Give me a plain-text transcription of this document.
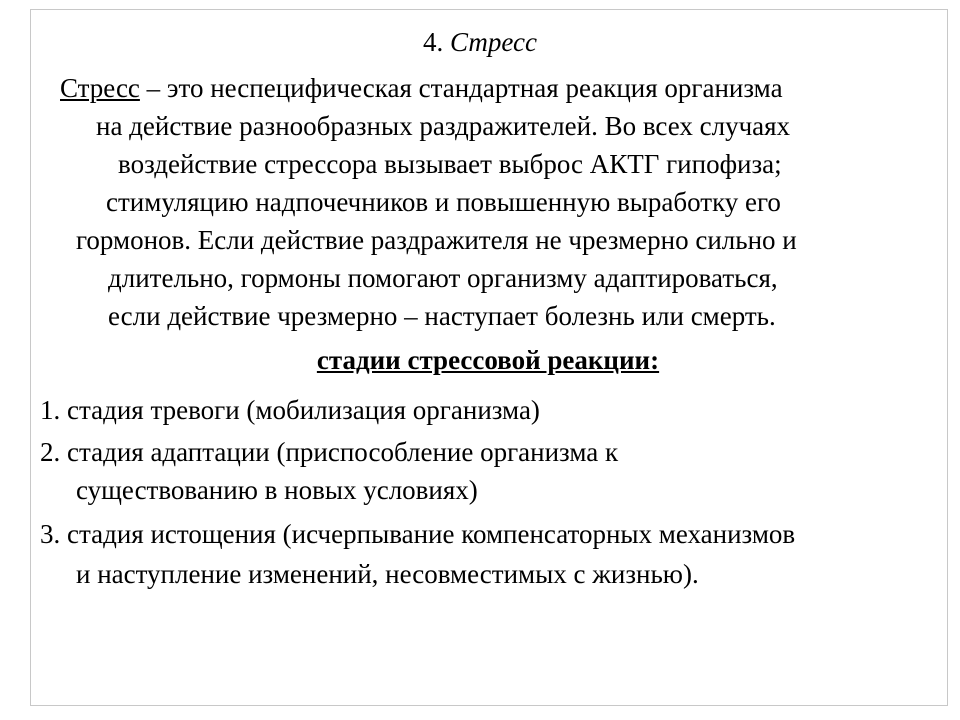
4. Стресс
Стресс – это неспецифическая стандартная реакция организма
на действие разнообразных раздражителей. Во всех случаях
воздействие стрессора вызывает выброс АКТГ гипофиза;
стимуляцию надпочечников и повышенную выработку его
гормонов. Если действие раздражителя не чрезмерно сильно и
длительно, гормоны помогают организму адаптироваться,
если действие чрезмерно – наступает болезнь или смерть.
стадии стрессовой реакции:
1. стадия тревоги (мобилизация организма)
2. стадия адаптации (приспособление организма к
существованию в новых условиях)
3. стадия истощения (исчерпывание компенсаторных механизмов
и наступление изменений, несовместимых с жизнью).
